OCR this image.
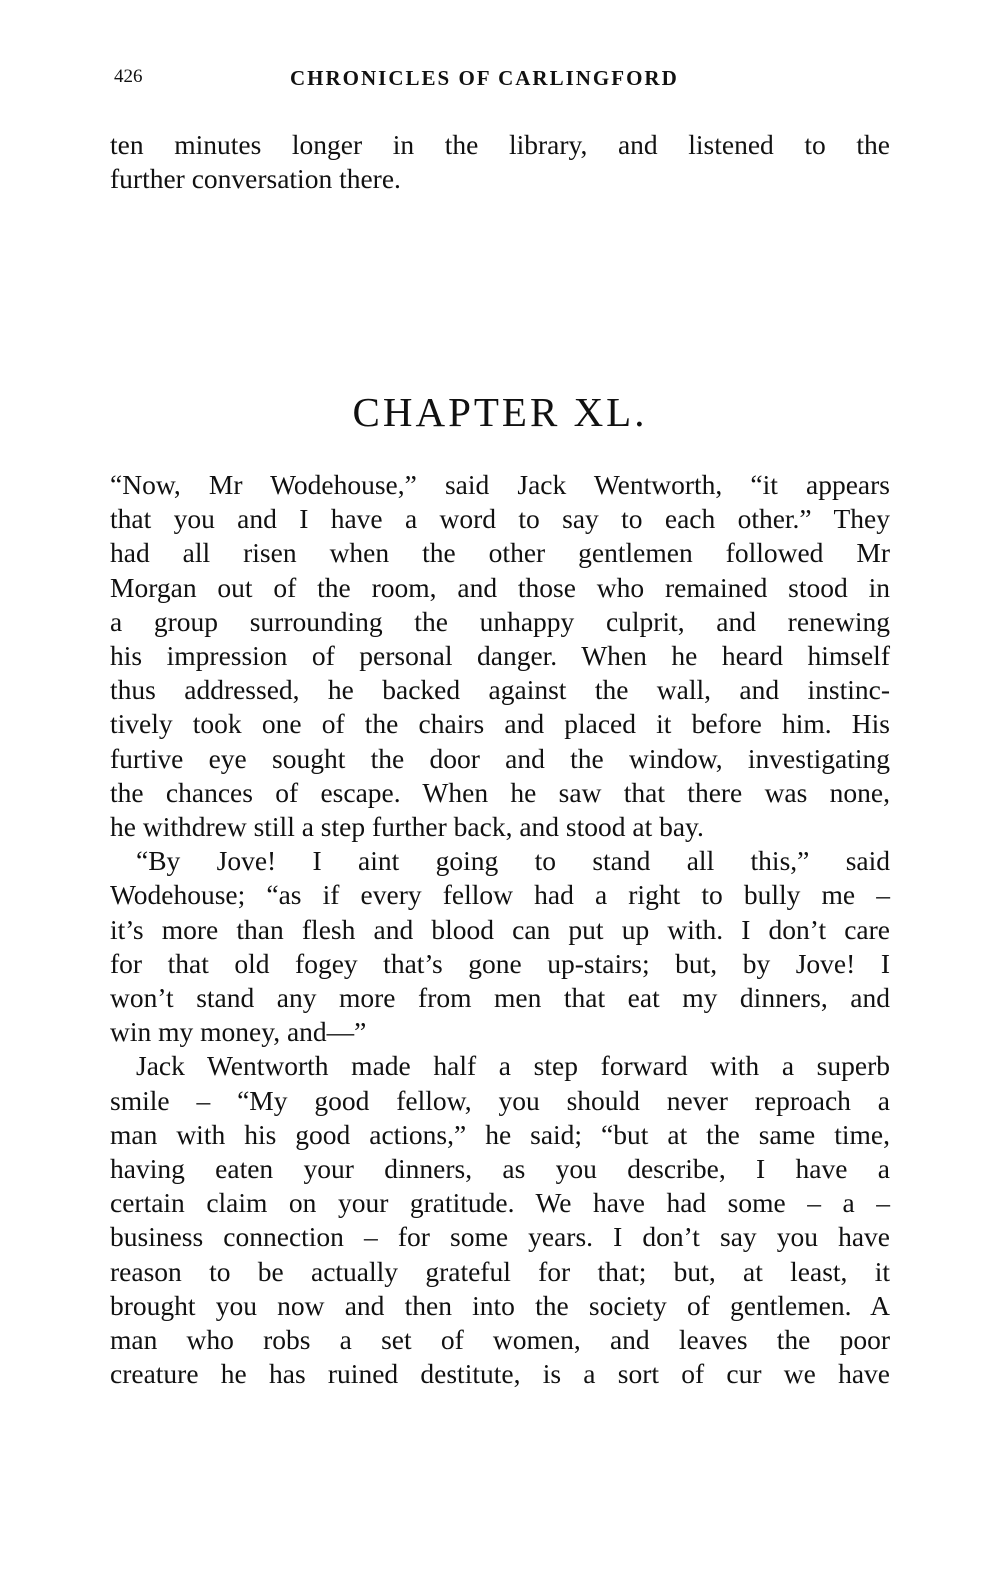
426	CHRONICLES OF CARLINGFORD
ten minutes longer in the library, and listened to the
further conversation there.
CHAPTER XL.
“Now, Mr Wodehouse,” said Jack Wentworth, “it appears
that you and I have a word to say to each other.” They
had all risen when the other gentlemen followed Mr
Morgan out of the room, and those who remained stood in
a group surrounding the unhappy culprit, and renewing
his impression of personal danger. When he heard himself
thus addressed, he backed against the wall, and instinc-
tively took one of the chairs and placed it before him. His
furtive eye sought the door and the window, investigating
the chances of escape. When he saw that there was none,
he withdrew still a step further back, and stood at bay.
“By Jove! I aint going to stand all this,” said
Wodehouse; “as if every fellow had a right to bully me –
it’s more than flesh and blood can put up with. I don’t care
for that old fogey that’s gone up-stairs; but, by Jove! I
won’t stand any more from men that eat my dinners, and
win my money, and—”
Jack Wentworth made half a step forward with a superb
smile – “My good fellow, you should never reproach a
man with his good actions,” he said; “but at the same time,
having eaten your dinners, as you describe, I have a
certain claim on your gratitude. We have had some – a –
business connection – for some years. I don’t say you have
reason to be actually grateful for that; but, at least, it
brought you now and then into the society of gentlemen. A
man who robs a set of women, and leaves the poor
creature he has ruined destitute, is a sort of cur we have
